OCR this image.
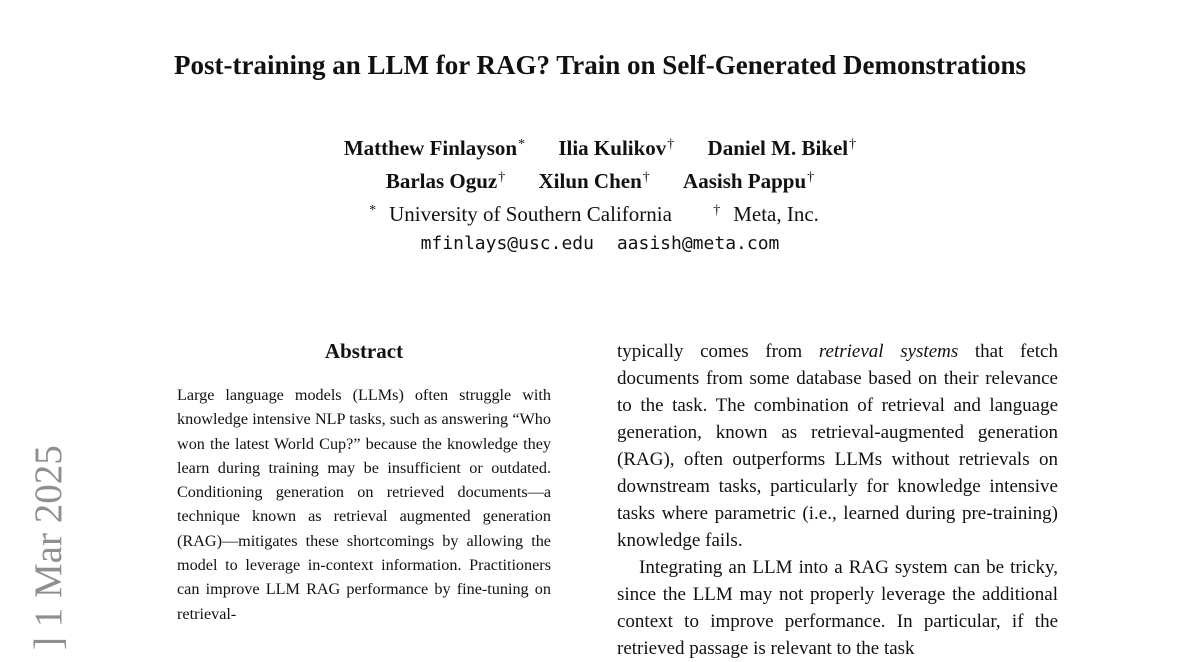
] 1 Mar 2025
Post-training an LLM for RAG? Train on Self-Generated Demonstrations
Matthew Finlayson* Ilia Kulikov† Daniel M. Bikel†
Barlas Oguz† Xilun Chen† Aasish Pappu†
* University of Southern California	† Meta, Inc.
mfinlays@usc.edu aasish@meta.com
Abstract

Large language models (LLMs) often struggle with knowledge intensive NLP tasks, such as answering “Who won the latest World Cup?” because the knowledge they learn during training may be insufficient or outdated. Conditioning generation on retrieved documents—a technique known as retrieval augmented generation (RAG)—mitigates these shortcomings by allowing the model to leverage in-context information. Practitioners can improve LLM RAG performance by fine-tuning on retrieval-

typically comes from retrieval systems that fetch documents from some database based on their relevance to the task. The combination of retrieval and language generation, known as retrieval-augmented generation (RAG), often outperforms LLMs without retrievals on downstream tasks, particularly for knowledge intensive tasks where parametric (i.e., learned during pre-training) knowledge fails.

Integrating an LLM into a RAG system can be tricky, since the LLM may not properly leverage the additional context to improve performance. In particular, if the retrieved passage is relevant to the task
